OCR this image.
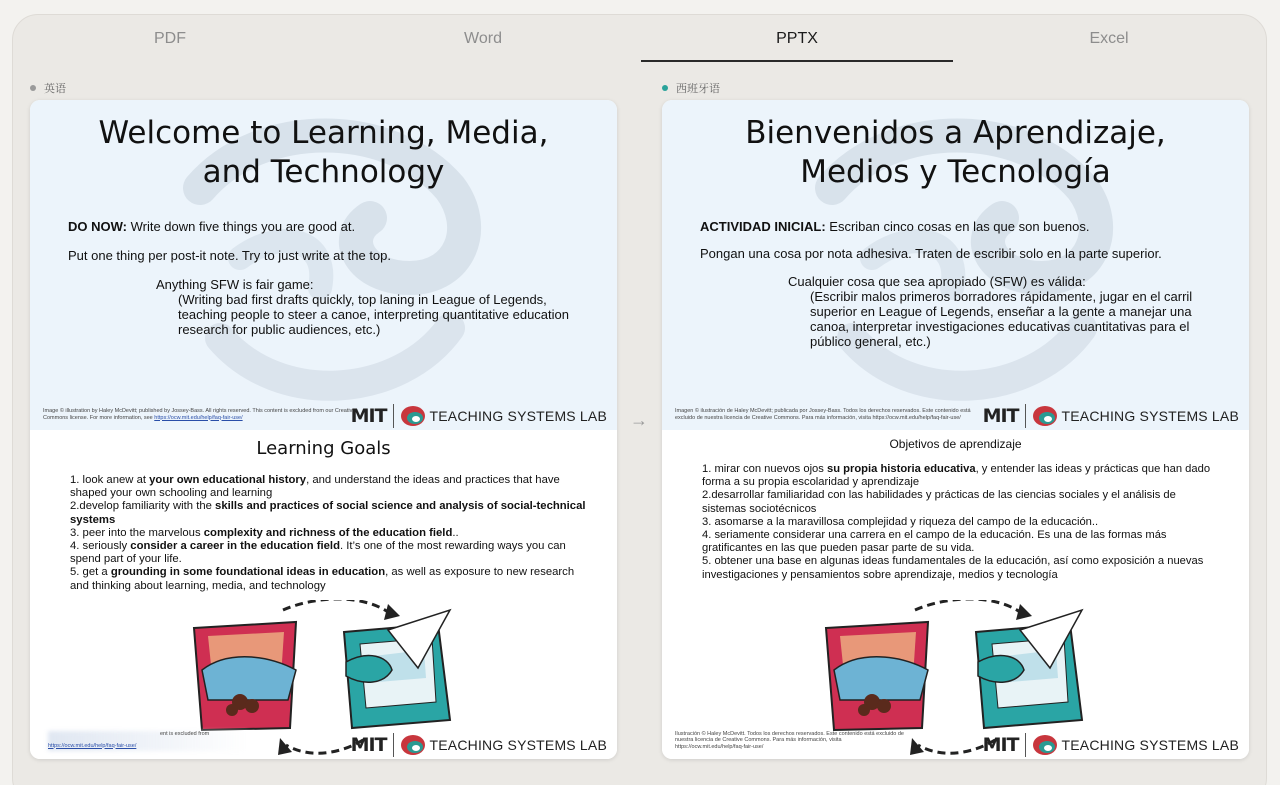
PDF	Word	PPTX	Excel
英语	西班牙语
→
Welcome to Learning, Media,
and Technology
DO NOW: Write down five things you are good at.
Put one thing per post-it note. Try to just write at the top.
Anything SFW is fair game:
(Writing bad first drafts quickly, top laning in League of Legends, teaching people to steer a canoe, interpreting quantitative education research for public audiences, etc.)
Image © illustration by Haley McDevitt; published by Jossey-Bass. All rights reserved. This content is excluded from our Creative Commons license. For more information, see https://ocw.mit.edu/help/faq-fair-use/	MIT	TEACHING SYSTEMS LAB
Learning Goals
1. look anew at your own educational history, and understand the ideas and practices that have shaped your own schooling and learning
2.develop familiarity with the skills and practices of social science and analysis of social-technical systems
3. peer into the marvelous complexity and richness of the education field..
4. seriously consider a career in the education field. It’s one of the most rewarding ways you can spend part of your life.
5. get a grounding in some foundational ideas in education, as well as exposure to new research and thinking about learning, media, and technology
ent is excluded from
https://ocw.mit.edu/help/faq-fair-use/	MIT	TEACHING SYSTEMS LAB
Bienvenidos a Aprendizaje,
Medios y Tecnología
ACTIVIDAD INICIAL: Escriban cinco cosas en las que son buenos.
Pongan una cosa por nota adhesiva. Traten de escribir solo en la parte superior.
Cualquier cosa que sea apropiado (SFW) es válida:
(Escribir malos primeros borradores rápidamente, jugar en el carril superior en League of Legends, enseñar a la gente a manejar una canoa, interpretar investigaciones educativas cuantitativas para el público general, etc.)
Imagen © ilustración de Haley McDevitt; publicada por Jossey-Bass. Todos los derechos reservados. Este contenido está excluido de nuestra licencia de Creative Commons. Para más información, visita https://ocw.mit.edu/help/faq-fair-use/	MIT	TEACHING SYSTEMS LAB
Objetivos de aprendizaje
1. mirar con nuevos ojos su propia historia educativa, y entender las ideas y prácticas que han dado forma a su propia escolaridad y aprendizaje
2.desarrollar familiaridad con las habilidades y prácticas de las ciencias sociales y el análisis de sistemas sociotécnicos
3. asomarse a la maravillosa complejidad y riqueza del campo de la educación..
4. seriamente considerar una carrera en el campo de la educación. Es una de las formas más gratificantes en las que pueden pasar parte de su vida.
5. obtener una base en algunas ideas fundamentales de la educación, así como exposición a nuevas investigaciones y pensamientos sobre aprendizaje, medios y tecnología
Ilustración © Haley McDevitt. Todos los derechos reservados. Este contenido está excluido de nuestra licencia de Creative Commons. Para más información, visita https://ocw.mit.edu/help/faq-fair-use/	MIT	TEACHING SYSTEMS LAB
